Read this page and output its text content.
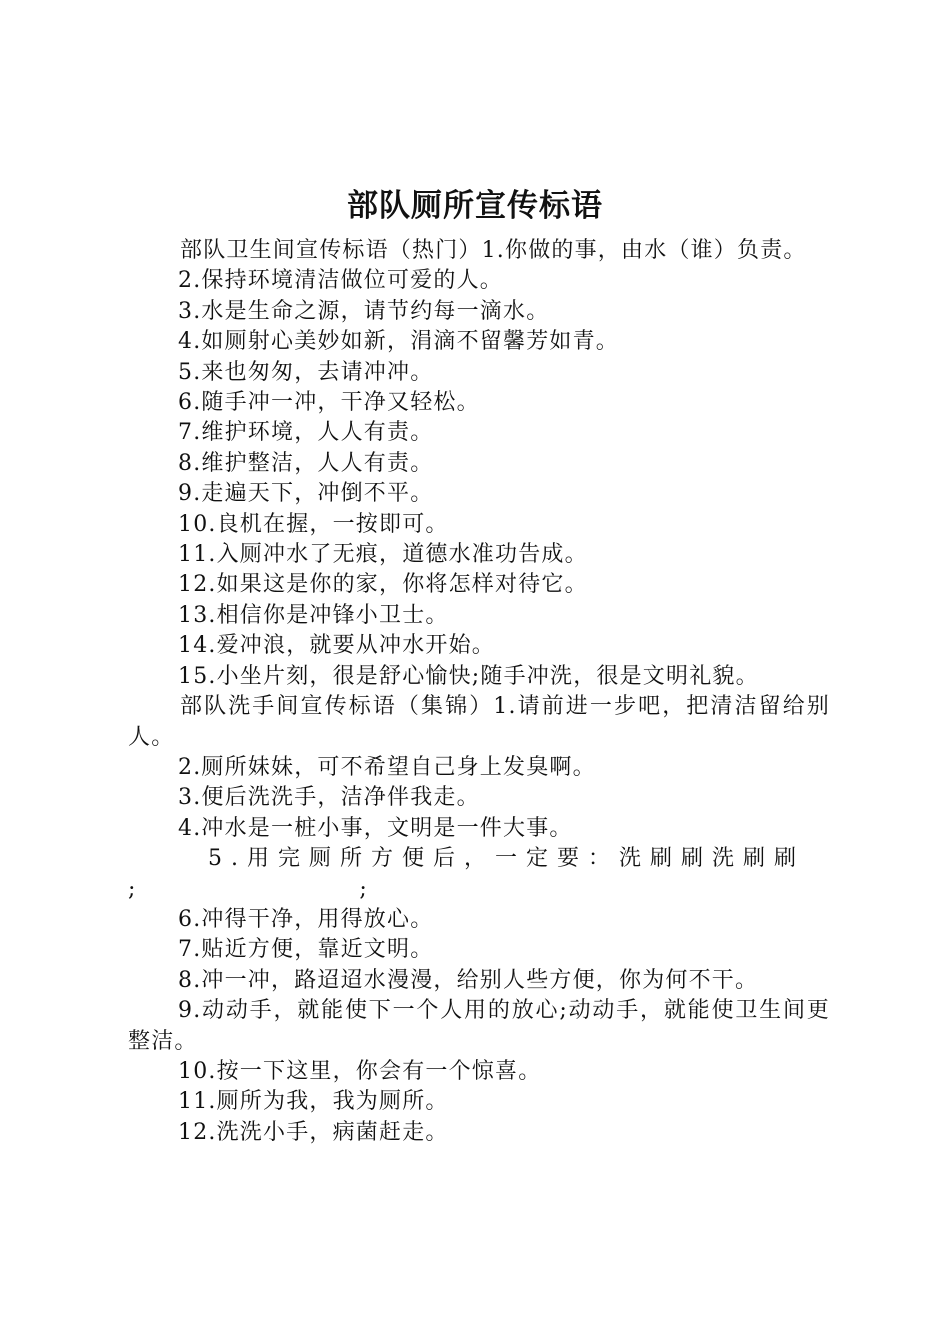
部队厕所宣传标语

部队卫生间宣传标语（热门）1.你做的事，由水（谁）负责。

2.保持环境清洁做位可爱的人。

3.水是生命之源，请节约每一滴水。

4.如厕射心美妙如新，涓滴不留馨芳如青。

5.来也匆匆，去请冲冲。

6.随手冲一冲，干净又轻松。

7.维护环境，人人有责。

8.维护整洁，人人有责。

9.走遍天下，冲倒不平。

10.良机在握，一按即可。

11.入厕冲水了无痕，道德水准功告成。

12.如果这是你的家，你将怎样对待它。

13.相信你是冲锋小卫士。

14.爱冲浪，就要从冲水开始。

15.小坐片刻，很是舒心愉快;随手冲洗，很是文明礼貌。

部队洗手间宣传标语（集锦）1.请前进一步吧，把清洁留给别人。

2.厕所妹妹，可不希望自己身上发臭啊。

3.便后洗洗手，洁净伴我走。

4.冲水是一桩小事，文明是一件大事。

5.用完厕所方便后，一定要：洗刷刷洗刷刷

;	;

6.冲得干净，用得放心。

7.贴近方便，靠近文明。

8.冲一冲，路迢迢水漫漫，给别人些方便，你为何不干。

9.动动手，就能使下一个人用的放心;动动手，就能使卫生间更整洁。

10.按一下这里，你会有一个惊喜。

11.厕所为我，我为厕所。

12.洗洗小手，病菌赶走。
